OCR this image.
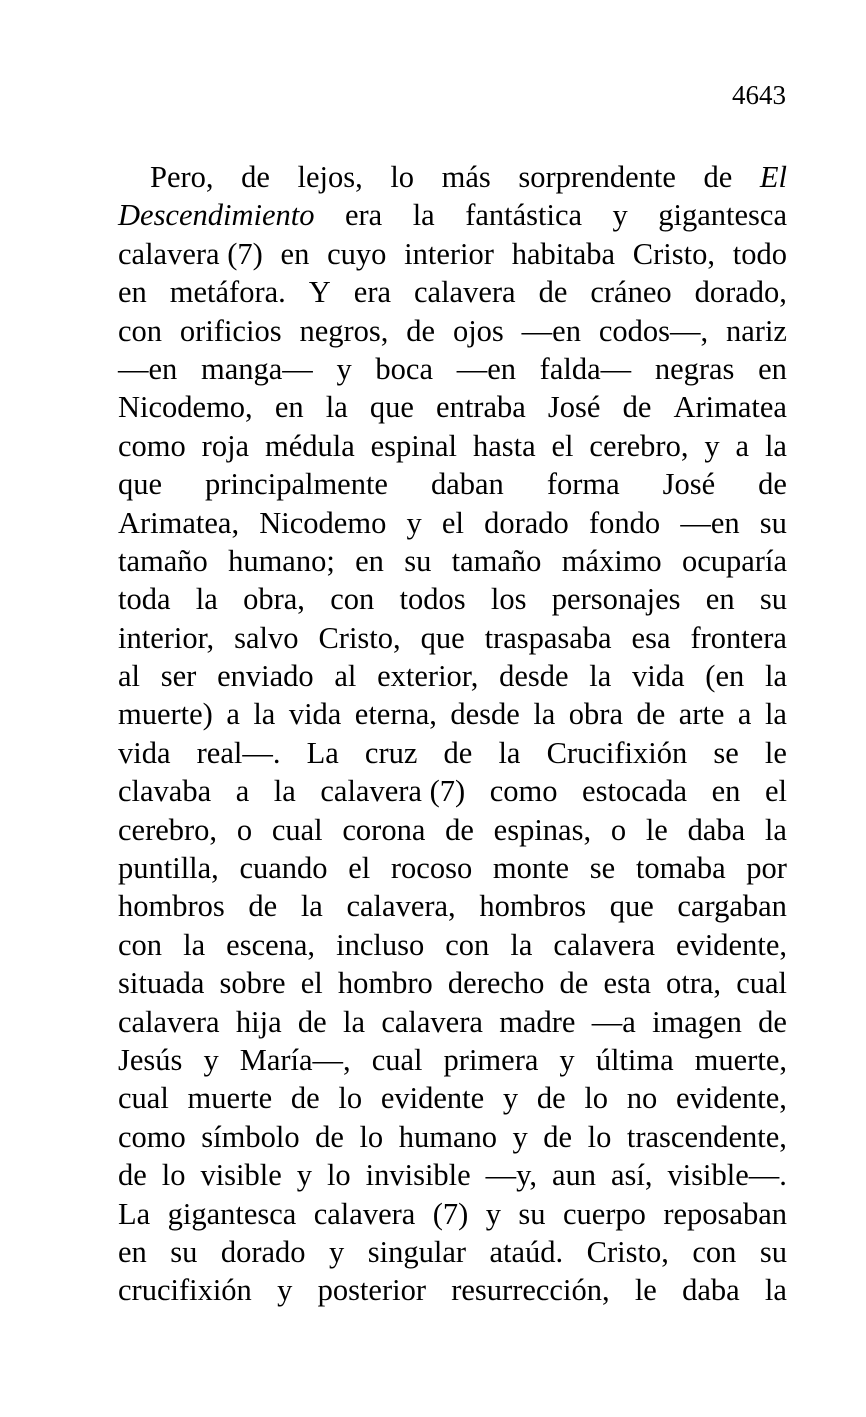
4643
Pero, de lejos, lo más sorprendente de El
Descendimiento era la fantástica y gigantesca
calavera (7) en cuyo interior habitaba Cristo, todo
en metáfora. Y era calavera de cráneo dorado,
con orificios negros, de ojos —en codos—, nariz
—en manga— y boca —en falda— negras en
Nicodemo, en la que entraba José de Arimatea
como roja médula espinal hasta el cerebro, y a la
que principalmente daban forma José de
Arimatea, Nicodemo y el dorado fondo —en su
tamaño humano; en su tamaño máximo ocuparía
toda la obra, con todos los personajes en su
interior, salvo Cristo, que traspasaba esa frontera
al ser enviado al exterior, desde la vida (en la
muerte) a la vida eterna, desde la obra de arte a la
vida real—. La cruz de la Crucifixión se le
clavaba a la calavera (7) como estocada en el
cerebro, o cual corona de espinas, o le daba la
puntilla, cuando el rocoso monte se tomaba por
hombros de la calavera, hombros que cargaban
con la escena, incluso con la calavera evidente,
situada sobre el hombro derecho de esta otra, cual
calavera hija de la calavera madre —a imagen de
Jesús y María—, cual primera y última muerte,
cual muerte de lo evidente y de lo no evidente,
como símbolo de lo humano y de lo trascendente,
de lo visible y lo invisible —y, aun así, visible—.
La gigantesca calavera (7) y su cuerpo reposaban
en su dorado y singular ataúd. Cristo, con su
crucifixión y posterior resurrección, le daba la
